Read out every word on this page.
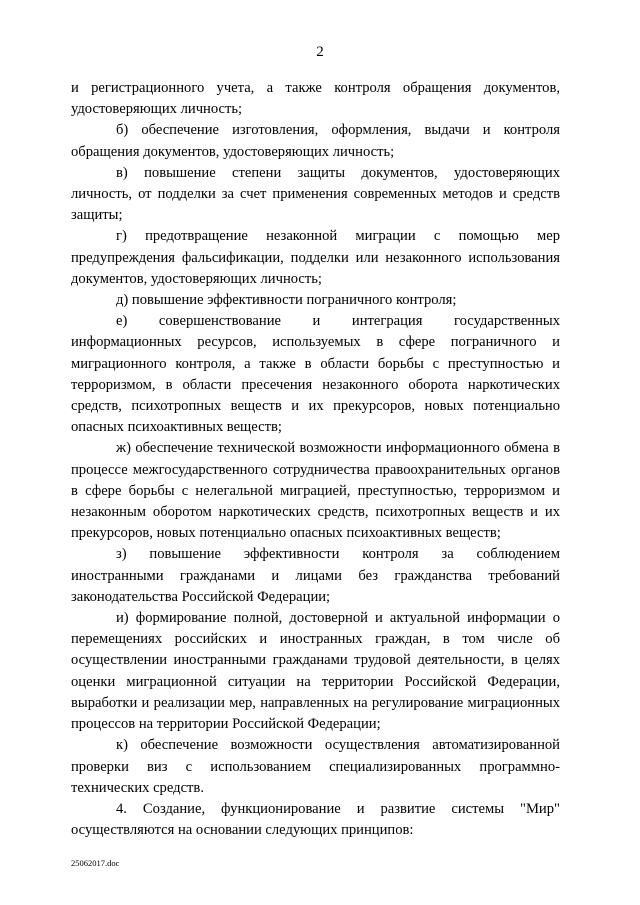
2

и регистрационного учета, а также контроля обращения документов, удостоверяющих личность;

б) обеспечение изготовления, оформления, выдачи и контроля обращения документов, удостоверяющих личность;

в) повышение степени защиты документов, удостоверяющих личность, от подделки за счет применения современных методов и средств защиты;

г) предотвращение незаконной миграции с помощью мер предупреждения фальсификации, подделки или незаконного использования документов, удостоверяющих личность;

д) повышение эффективности пограничного контроля;

е) совершенствование и интеграция государственных информационных ресурсов, используемых в сфере пограничного и миграционного контроля, а также в области борьбы с преступностью и терроризмом, в области пресечения незаконного оборота наркотических средств, психотропных веществ и их прекурсоров, новых потенциально опасных психоактивных веществ;

ж) обеспечение технической возможности информационного обмена в процессе межгосударственного сотрудничества правоохранительных органов в сфере борьбы с нелегальной миграцией, преступностью, терроризмом и незаконным оборотом наркотических средств, психотропных веществ и их прекурсоров, новых потенциально опасных психоактивных веществ;

з) повышение эффективности контроля за соблюдением иностранными гражданами и лицами без гражданства требований законодательства Российской Федерации;

и) формирование полной, достоверной и актуальной информации о перемещениях российских и иностранных граждан, в том числе об осуществлении иностранными гражданами трудовой деятельности, в целях оценки миграционной ситуации на территории Российской Федерации, выработки и реализации мер, направленных на регулирование миграционных процессов на территории Российской Федерации;

к) обеспечение возможности осуществления автоматизированной проверки виз с использованием специализированных программно-технических средств.

4. Создание, функционирование и развитие системы "Мир" осуществляются на основании следующих принципов:

25062017.doc
